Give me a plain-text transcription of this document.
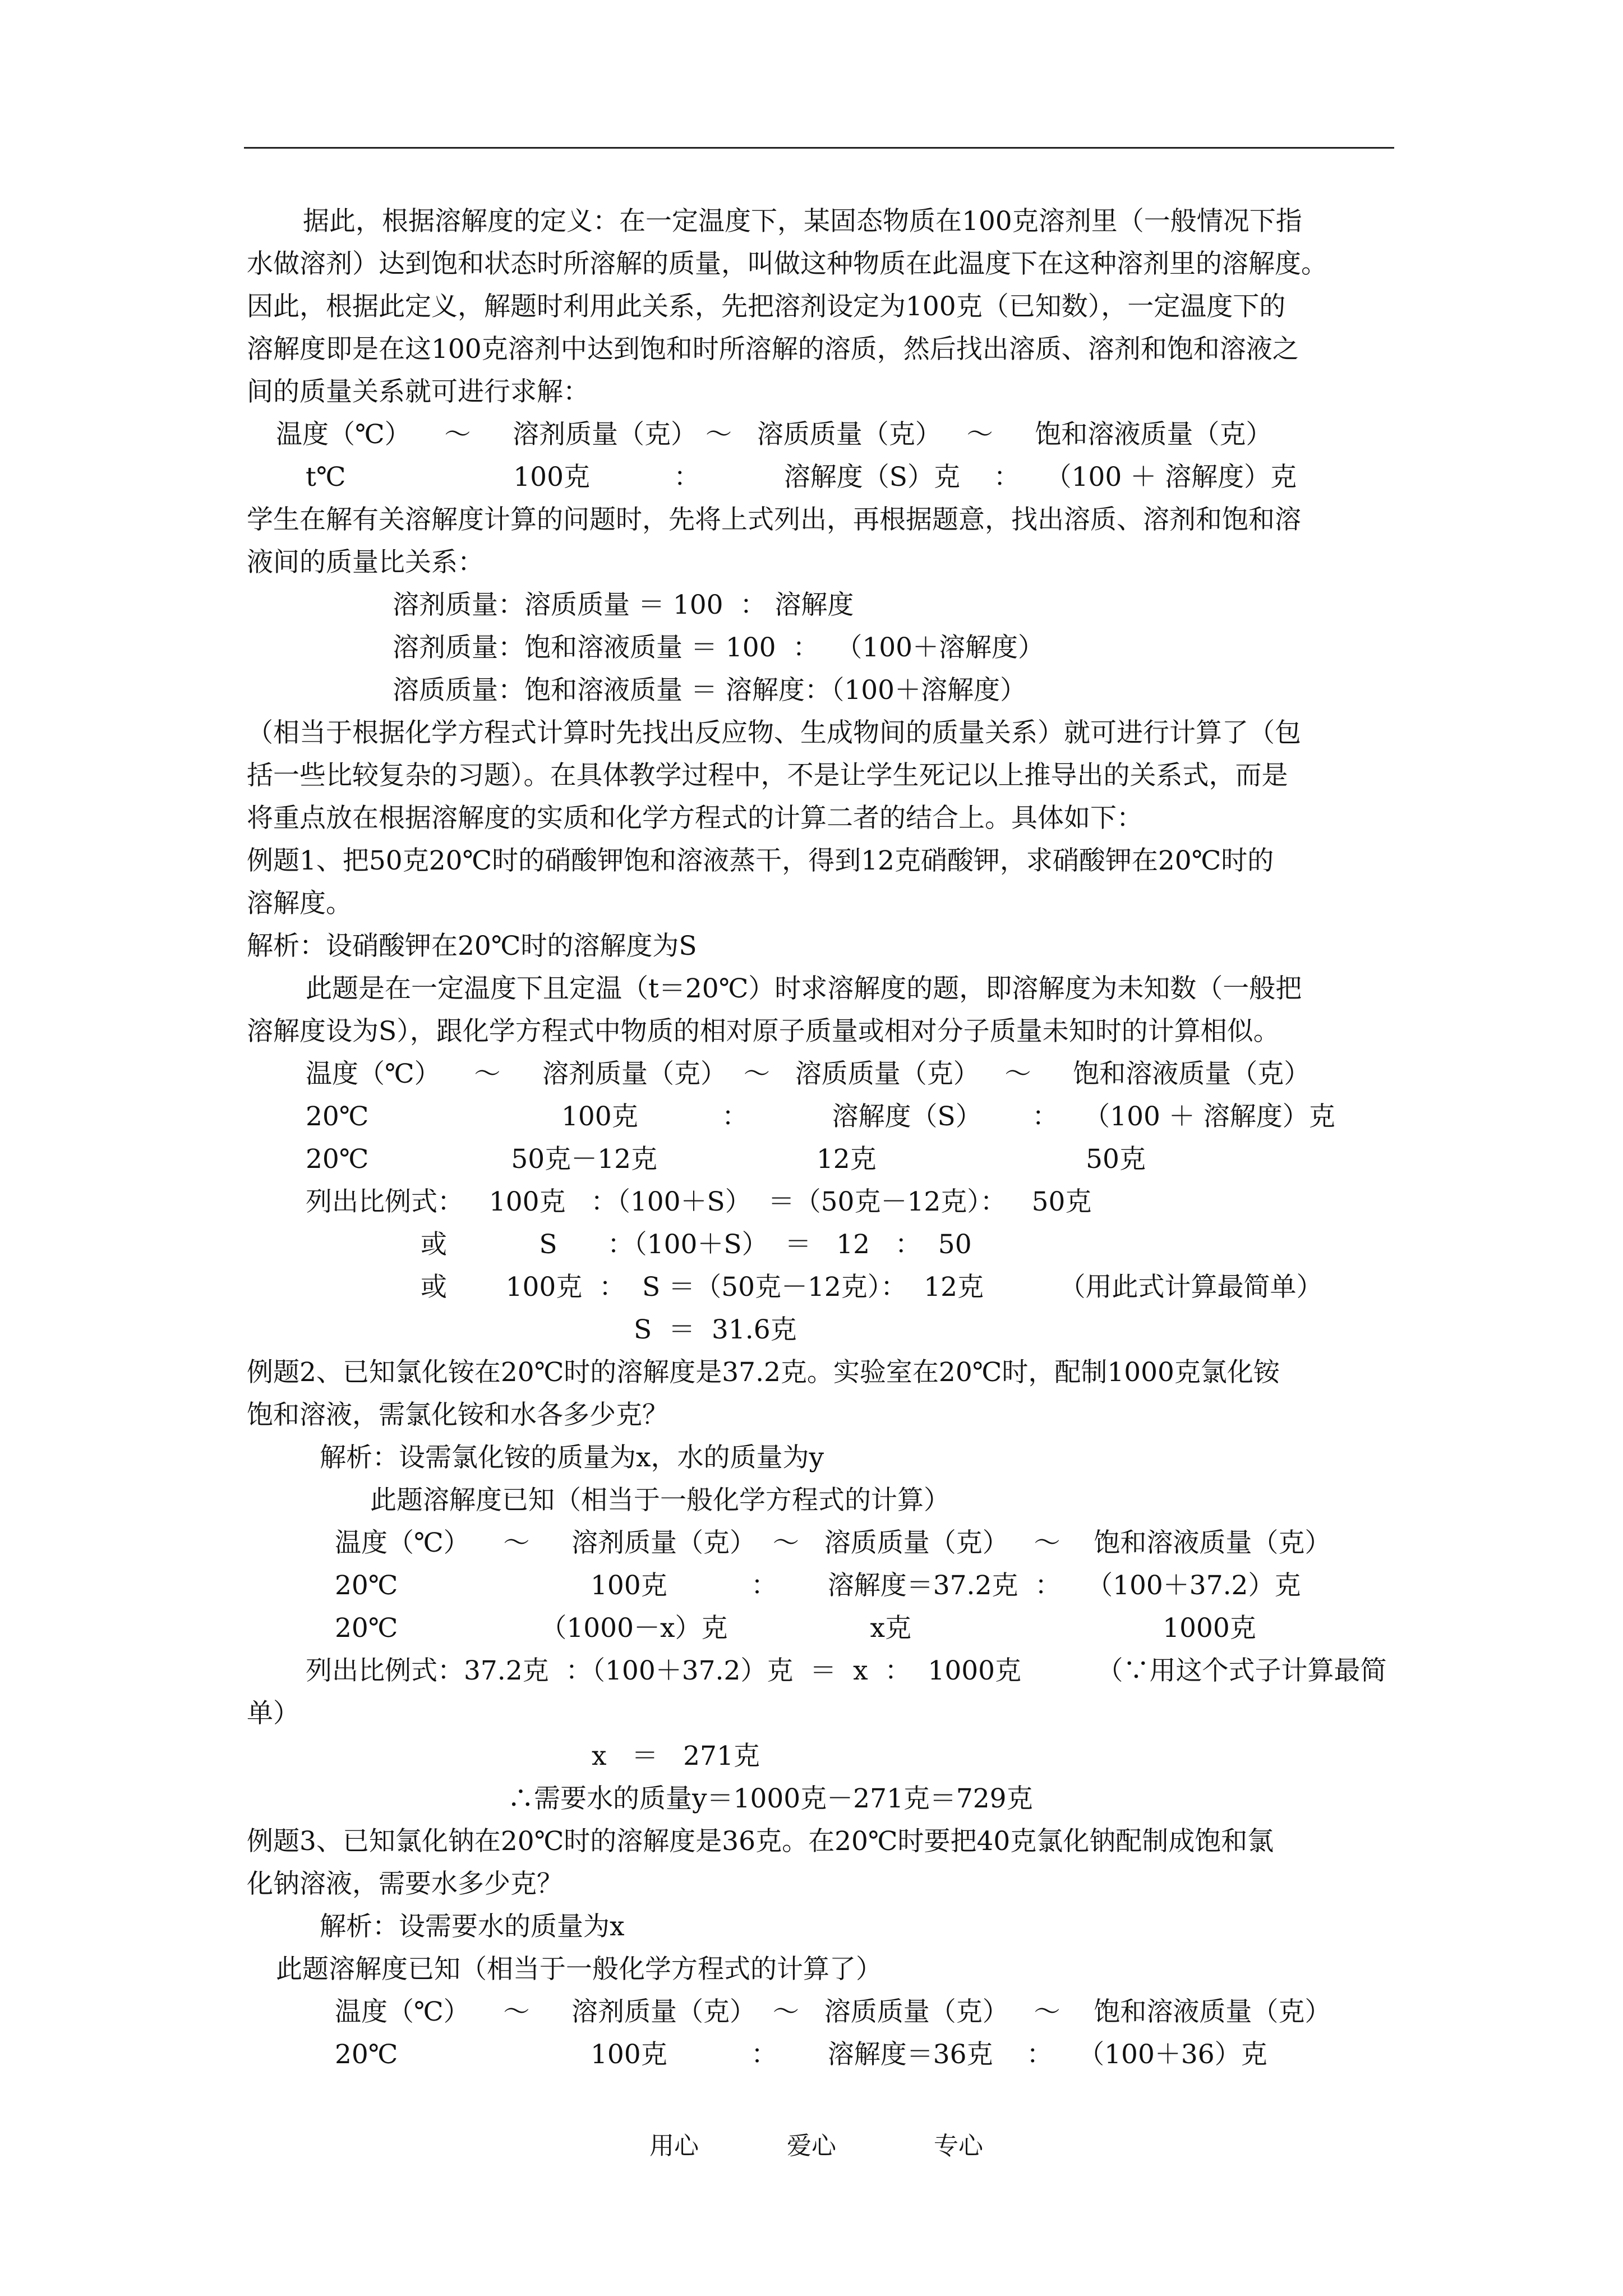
据此，根据溶解度的定义：在一定温度下，某固态物质在100克溶剂里（一般情况下指
水做溶剂）达到饱和状态时所溶解的质量，叫做这种物质在此温度下在这种溶剂里的溶解度。
因此，根据此定义，解题时利用此关系，先把溶剂设定为100克（已知数），一定温度下的
溶解度即是在这100克溶剂中达到饱和时所溶解的溶质，然后找出溶质、溶剂和饱和溶液之
间的质量关系就可进行求解：
温度（℃）    ～     溶剂质量（克） ～   溶质质量（克）   ～     饱和溶液质量（克）
t℃                    100克          ：          溶解度（S）克    ：   （100 ＋ 溶解度）克
学生在解有关溶解度计算的问题时，先将上式列出，再根据题意，找出溶质、溶剂和饱和溶
液间的质量比关系：
溶剂质量：溶质质量 ＝ 100  ： 溶解度
溶剂质量：饱和溶液质量 ＝ 100  ：  （100＋溶解度）
溶质质量：饱和溶液质量 ＝ 溶解度：（100＋溶解度）
（相当于根据化学方程式计算时先找出反应物、生成物间的质量关系）就可进行计算了（包
括一些比较复杂的习题）。在具体教学过程中，不是让学生死记以上推导出的关系式，而是
将重点放在根据溶解度的实质和化学方程式的计算二者的结合上。具体如下：
例题1、把50克20℃时的硝酸钾饱和溶液蒸干，得到12克硝酸钾，求硝酸钾在20℃时的
溶解度。
解析：设硝酸钾在20℃时的溶解度为S
此题是在一定温度下且定温（t＝20℃）时求溶解度的题，即溶解度为未知数（一般把
溶解度设为S），跟化学方程式中物质的相对原子质量或相对分子质量未知时的计算相似。
温度（℃）    ～     溶剂质量（克）  ～   溶质质量（克）   ～     饱和溶液质量（克）
20℃                       100克          ：          溶解度（S）      ：   （100 ＋ 溶解度）克
20℃                 50克－12克                   12克                         50克
列出比例式：   100克   ：（100＋S）  ＝（50克－12克）：   50克
或           S      ：（100＋S）  ＝   12   ：  50
或       100克  ：  S ＝（50克－12克）：  12克         （用此式计算最简单）
S  ＝  31.6克
例题2、已知氯化铵在20℃时的溶解度是37.2克。实验室在20℃时，配制1000克氯化铵
饱和溶液，需氯化铵和水各多少克？
解析：设需氯化铵的质量为x，水的质量为y
此题溶解度已知（相当于一般化学方程式的计算）
温度（℃）    ～     溶剂质量（克）  ～   溶质质量（克）   ～    饱和溶液质量（克）
20℃                       100克          ：      溶解度＝37.2克  ：   （100＋37.2）克
20℃                 （1000－x）克                 x克                              1000克
列出比例式：37.2克  ：（100＋37.2）克  ＝  x  ：  1000克         （∵用这个式子计算最简
单）
x   ＝   271克
∴需要水的质量y＝1000克－271克＝729克
例题3、已知氯化钠在20℃时的溶解度是36克。在20℃时要把40克氯化钠配制成饱和氯
化钠溶液，需要水多少克？
解析：设需要水的质量为x
此题溶解度已知（相当于一般化学方程式的计算了）
温度（℃）    ～     溶剂质量（克）  ～   溶质质量（克）   ～    饱和溶液质量（克）
20℃                       100克          ：      溶解度＝36克    ：   （100＋36）克
用心	爱心	专心
